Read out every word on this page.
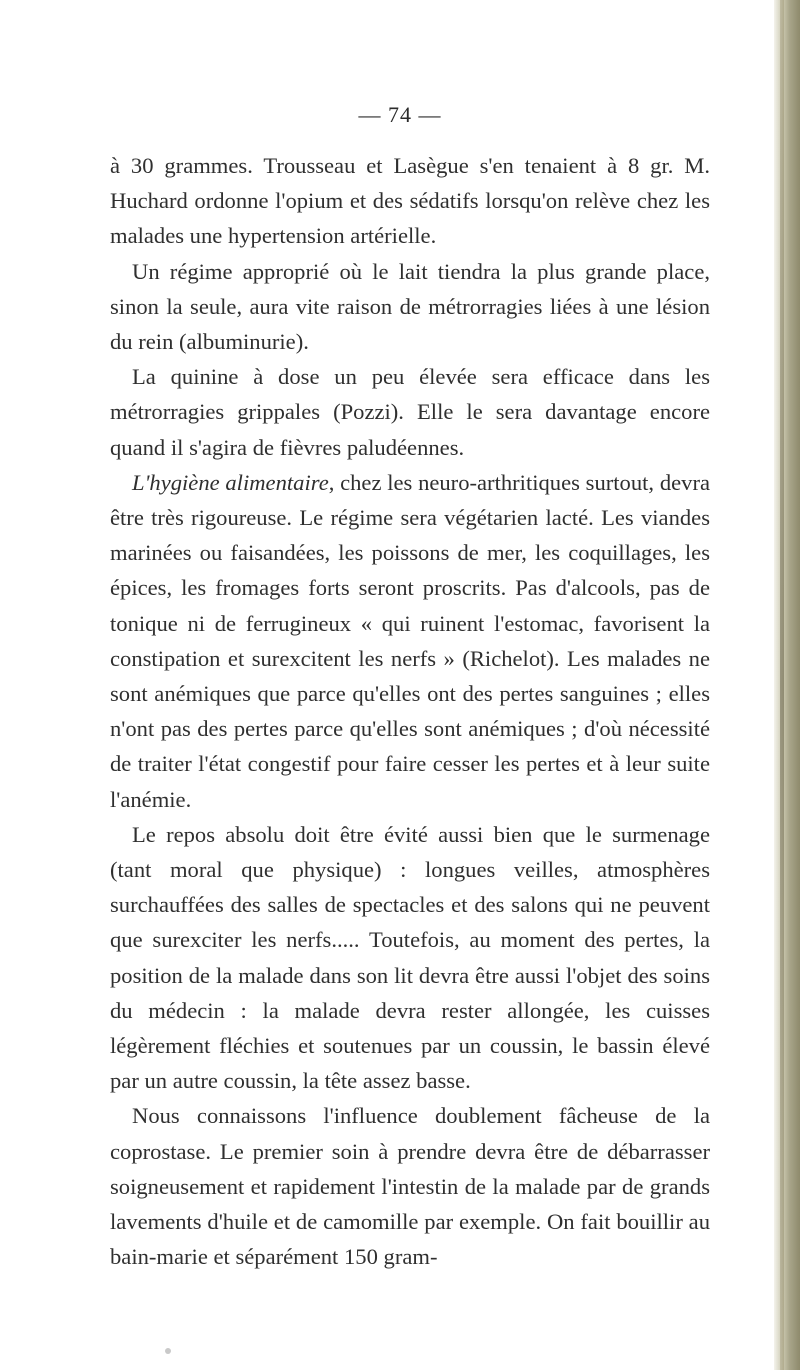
— 74 —

à 30 grammes. Trousseau et Lasègue s'en tenaient à 8 gr. M. Huchard ordonne l'opium et des sédatifs lorsqu'on relève chez les malades une hypertension artérielle.

Un régime approprié où le lait tiendra la plus grande place, sinon la seule, aura vite raison de métrorragies liées à une lésion du rein (albuminurie).

La quinine à dose un peu élevée sera efficace dans les métrorragies grippales (Pozzi). Elle le sera davantage encore quand il s'agira de fièvres paludéennes.

L'hygiène alimentaire, chez les neuro-arthritiques surtout, devra être très rigoureuse. Le régime sera végétarien lacté. Les viandes marinées ou faisandées, les poissons de mer, les coquillages, les épices, les fromages forts seront proscrits. Pas d'alcools, pas de tonique ni de ferrugineux « qui ruinent l'estomac, favorisent la constipation et surexcitent les nerfs » (Richelot). Les malades ne sont anémiques que parce qu'elles ont des pertes sanguines ; elles n'ont pas des pertes parce qu'elles sont anémiques ; d'où nécessité de traiter l'état congestif pour faire cesser les pertes et à leur suite l'anémie.

Le repos absolu doit être évité aussi bien que le surmenage (tant moral que physique) : longues veilles, atmosphères surchauffées des salles de spectacles et des salons qui ne peuvent que surexciter les nerfs..... Toutefois, au moment des pertes, la position de la malade dans son lit devra être aussi l'objet des soins du médecin : la malade devra rester allongée, les cuisses légèrement fléchies et soutenues par un coussin, le bassin élevé par un autre coussin, la tête assez basse.

Nous connaissons l'influence doublement fâcheuse de la coprostase. Le premier soin à prendre devra être de débarrasser soigneusement et rapidement l'intestin de la malade par de grands lavements d'huile et de camomille par exemple. On fait bouillir au bain-marie et séparément 150 gram-
